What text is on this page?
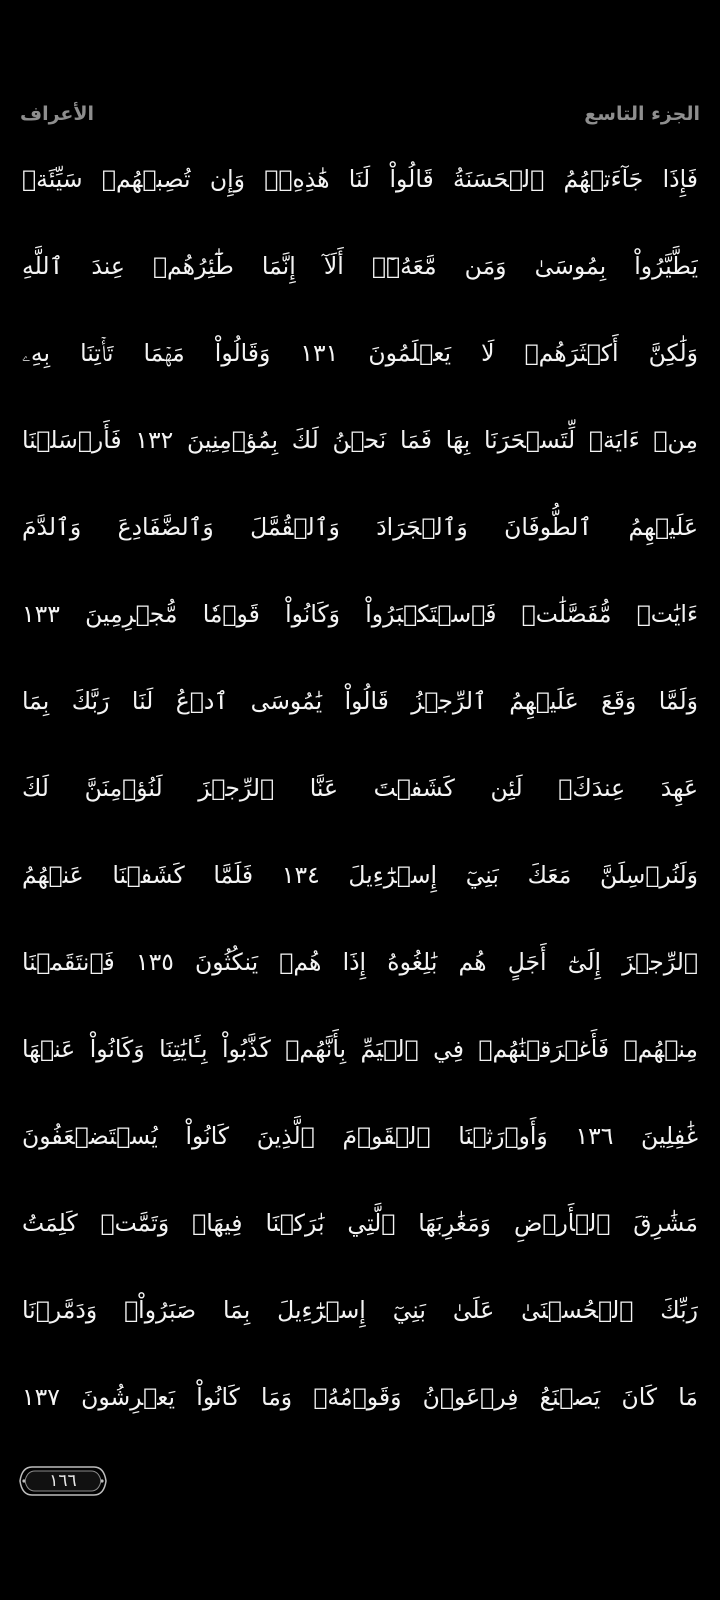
الأعراف	الجزء التاسع
فَإِذَا جَآءَتۡهُمُ ٱلۡحَسَنَةُ قَالُواْ لَنَا هَٰذِهِۦۖ وَإِن تُصِبۡهُمۡ سَيِّئَةٞ
يَطَّيَّرُواْ بِمُوسَىٰ وَمَن مَّعَهُۥٓۗ أَلَآ إِنَّمَا طَٰٓئِرُهُمۡ عِندَ ٱللَّهِ
وَلَٰكِنَّ أَكۡثَرَهُمۡ لَا يَعۡلَمُونَ ١٣١ وَقَالُواْ مَهۡمَا تَأۡتِنَا بِهِۦ
مِنۡ ءَايَةٖ لِّتَسۡحَرَنَا بِهَا فَمَا نَحۡنُ لَكَ بِمُؤۡمِنِينَ ١٣٢ فَأَرۡسَلۡنَا
عَلَيۡهِمُ ٱلطُّوفَانَ وَٱلۡجَرَادَ وَٱلۡقُمَّلَ وَٱلضَّفَادِعَ وَٱلدَّمَ
ءَايَٰتٖ مُّفَصَّلَٰتٖ فَٱسۡتَكۡبَرُواْ وَكَانُواْ قَوۡمٗا مُّجۡرِمِينَ ١٣٣
وَلَمَّا وَقَعَ عَلَيۡهِمُ ٱلرِّجۡزُ قَالُواْ يَٰمُوسَى ٱدۡعُ لَنَا رَبَّكَ بِمَا
عَهِدَ عِندَكَۖ لَئِن كَشَفۡتَ عَنَّا ٱلرِّجۡزَ لَنُؤۡمِنَنَّ لَكَ
وَلَنُرۡسِلَنَّ مَعَكَ بَنِيٓ إِسۡرَٰٓءِيلَ ١٣٤ فَلَمَّا كَشَفۡنَا عَنۡهُمُ
ٱلرِّجۡزَ إِلَىٰٓ أَجَلٍ هُم بَٰلِغُوهُ إِذَا هُمۡ يَنكُثُونَ ١٣٥ فَٱنتَقَمۡنَا
مِنۡهُمۡ فَأَغۡرَقۡنَٰهُمۡ فِي ٱلۡيَمِّ بِأَنَّهُمۡ كَذَّبُواْ بِـَٔايَٰتِنَا وَكَانُواْ عَنۡهَا
غَٰفِلِينَ ١٣٦ وَأَوۡرَثۡنَا ٱلۡقَوۡمَ ٱلَّذِينَ كَانُواْ يُسۡتَضۡعَفُونَ
مَشَٰرِقَ ٱلۡأَرۡضِ وَمَغَٰرِبَهَا ٱلَّتِي بَٰرَكۡنَا فِيهَاۖ وَتَمَّتۡ كَلِمَتُ
رَبِّكَ ٱلۡحُسۡنَىٰ عَلَىٰ بَنِيٓ إِسۡرَٰٓءِيلَ بِمَا صَبَرُواْۖ وَدَمَّرۡنَا
مَا كَانَ يَصۡنَعُ فِرۡعَوۡنُ وَقَوۡمُهُۥ وَمَا كَانُواْ يَعۡرِشُونَ ١٣٧
١٦٦
